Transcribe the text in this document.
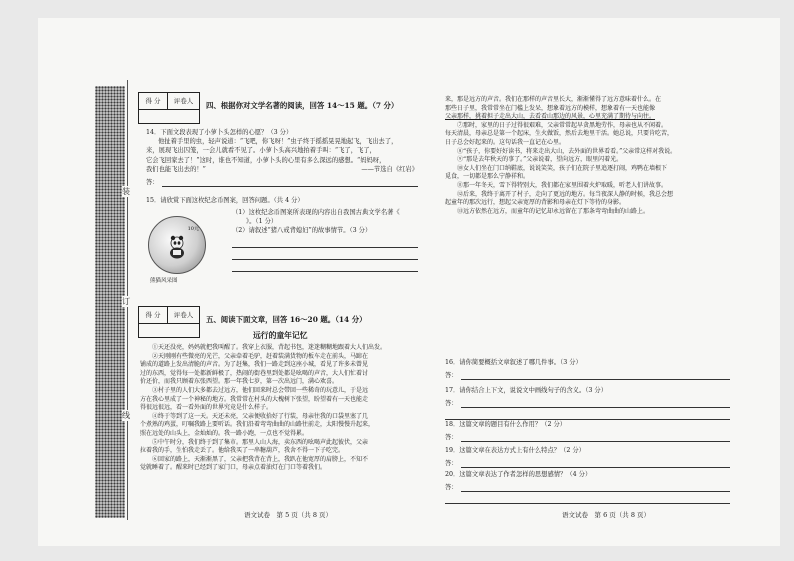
装
订
线
得 分	评卷人	四、根据你对文学名著的阅读，回答 14～15 题。（7 分）

14．下面文段表现了小萝卜头怎样的心愿？（3 分）

他扯着手里的虫，轻声说道：“飞吧，你飞呀！”虫子终于摇摇晃晃地起飞，飞出去了，

来，展现飞出囚笼，一会儿就看不见了。小萝卜头高兴地拍着手叫：“飞了，飞了，

它会飞回家去了！”这时，谁也不知道，小萝卜头的心里有多么深远的感想。“妈妈呀，

我们也能飞出去的！”	——节选自《红岩》

答：

15．请欣赏下面这枚纪念币图案，回答问题。（共 4 分）

10元
熊猫风采图

（1）这枚纪念币图案所表现的内容出自我国古典文学名著《

》。（1 分）

（2）请叙述“猪八戒背媳妇”的故事情节。（3 分）

得 分	评卷人	五、阅读下面文章，回答 16～20 题。（14 分）
远行的童年记忆

①天还没亮，妈妈就把我叫醒了。我穿上衣服，背起书包，迷迷糊糊地跟着大人们出发。

②天刚刚有些微亮的光芒，父亲牵着毛驴，赶着装满货物的板车走在前头，马蹄在

铺成的道路上发出清脆的声音。为了赶集，我们一路走到这座小城，看见了许多未曾见

过的东西，觉得每一处都新鲜极了，热闹的街巷里到处都是吆喝的声音，大人们忙着讨

价还价，而我只顾着东张西望。那一年我七岁，第一次出远门，满心欢喜。

③村子里的人们大多都去过远方，他们回来时总会带回一些稀奇的玩意儿，于是远

方在我心里成了一个神秘的地方。我常常在村头的大槐树下张望，盼望着有一天也能走

得很远很远，看一看外面的世界究竟是什么样子。

④终于等到了这一天。天还未亮，父亲便收拾好了行装，母亲往我的口袋里塞了几

个煮熟的鸡蛋，叮嘱我路上要听话。我们沿着弯弯曲曲的山路往前走，太阳慢慢升起来，

照在远处的山头上，金灿灿的。我一路小跑，一点也不觉得累。

⑤中午时分，我们终于到了集市。那里人山人海，卖东西的吆喝声此起彼伏，父亲

拉着我的手，生怕我走丢了。他给我买了一串糖葫芦，我舍不得一下子吃完。

⑥回家的路上，天渐渐黑了，父亲把我背在背上，我趴在他宽厚的肩膀上，不知不

觉就睡着了。醒来时已经到了家门口，母亲点着油灯在门口等着我们。

语文试卷　第 5 页（共 8 页）

来，那是远方的声音。我们在那样的声音里长大，渐渐懂得了远方意味着什么。在

那些日子里，我常常坐在门槛上发呆，想象着远方的模样，想象着有一天也能像

父亲那样，挑着担子走出大山，去看看山那边的风景，心里充满了期待与向往。

⑦那时，家里的日子过得很艰难，父亲常常起早贪黑地劳作，母亲也从不闲着。

每天清晨，母亲总是第一个起床，生火做饭，然后去地里干活。她总说，只要肯吃苦，

日子总会好起来的。这句话我一直记在心里。

⑧“孩子，你要好好读书，将来走出大山，去外面的世界看看。”父亲常这样对我说。

⑨“那是去年秋天的事了。”父亲说着，望向远方，眼里闪着光。

⑩女人们坐在门口纳鞋底，说说笑笑，孩子们在院子里追逐打闹，鸡鸭在墙根下

觅食，一切都是那么宁静祥和。

⑪那一年冬天，雪下得特别大，我们都在家里围着火炉取暖，听老人们讲故事。

⑫后来，我终于离开了村子，走向了更远的地方。每当夜深人静的时候，我总会想

起童年的那次远行，想起父亲宽厚的背影和母亲在灯下等待的身影。

⑬远方依然在远方，而童年的记忆却永远留在了那条弯弯曲曲的山路上。

16．请你简要概括文章叙述了哪几件事。（3 分）

答：

17．请你结合上下文，说说文中画线句子的含义。（3 分）

答：

18．这篇文章的题目有什么作用？（2 分）

答：

19．这篇文章在表达方式上有什么特点？（2 分）

答：

20．这篇文章表达了作者怎样的思想感情？（4 分）

答：
语文试卷　第 6 页（共 8 页）
